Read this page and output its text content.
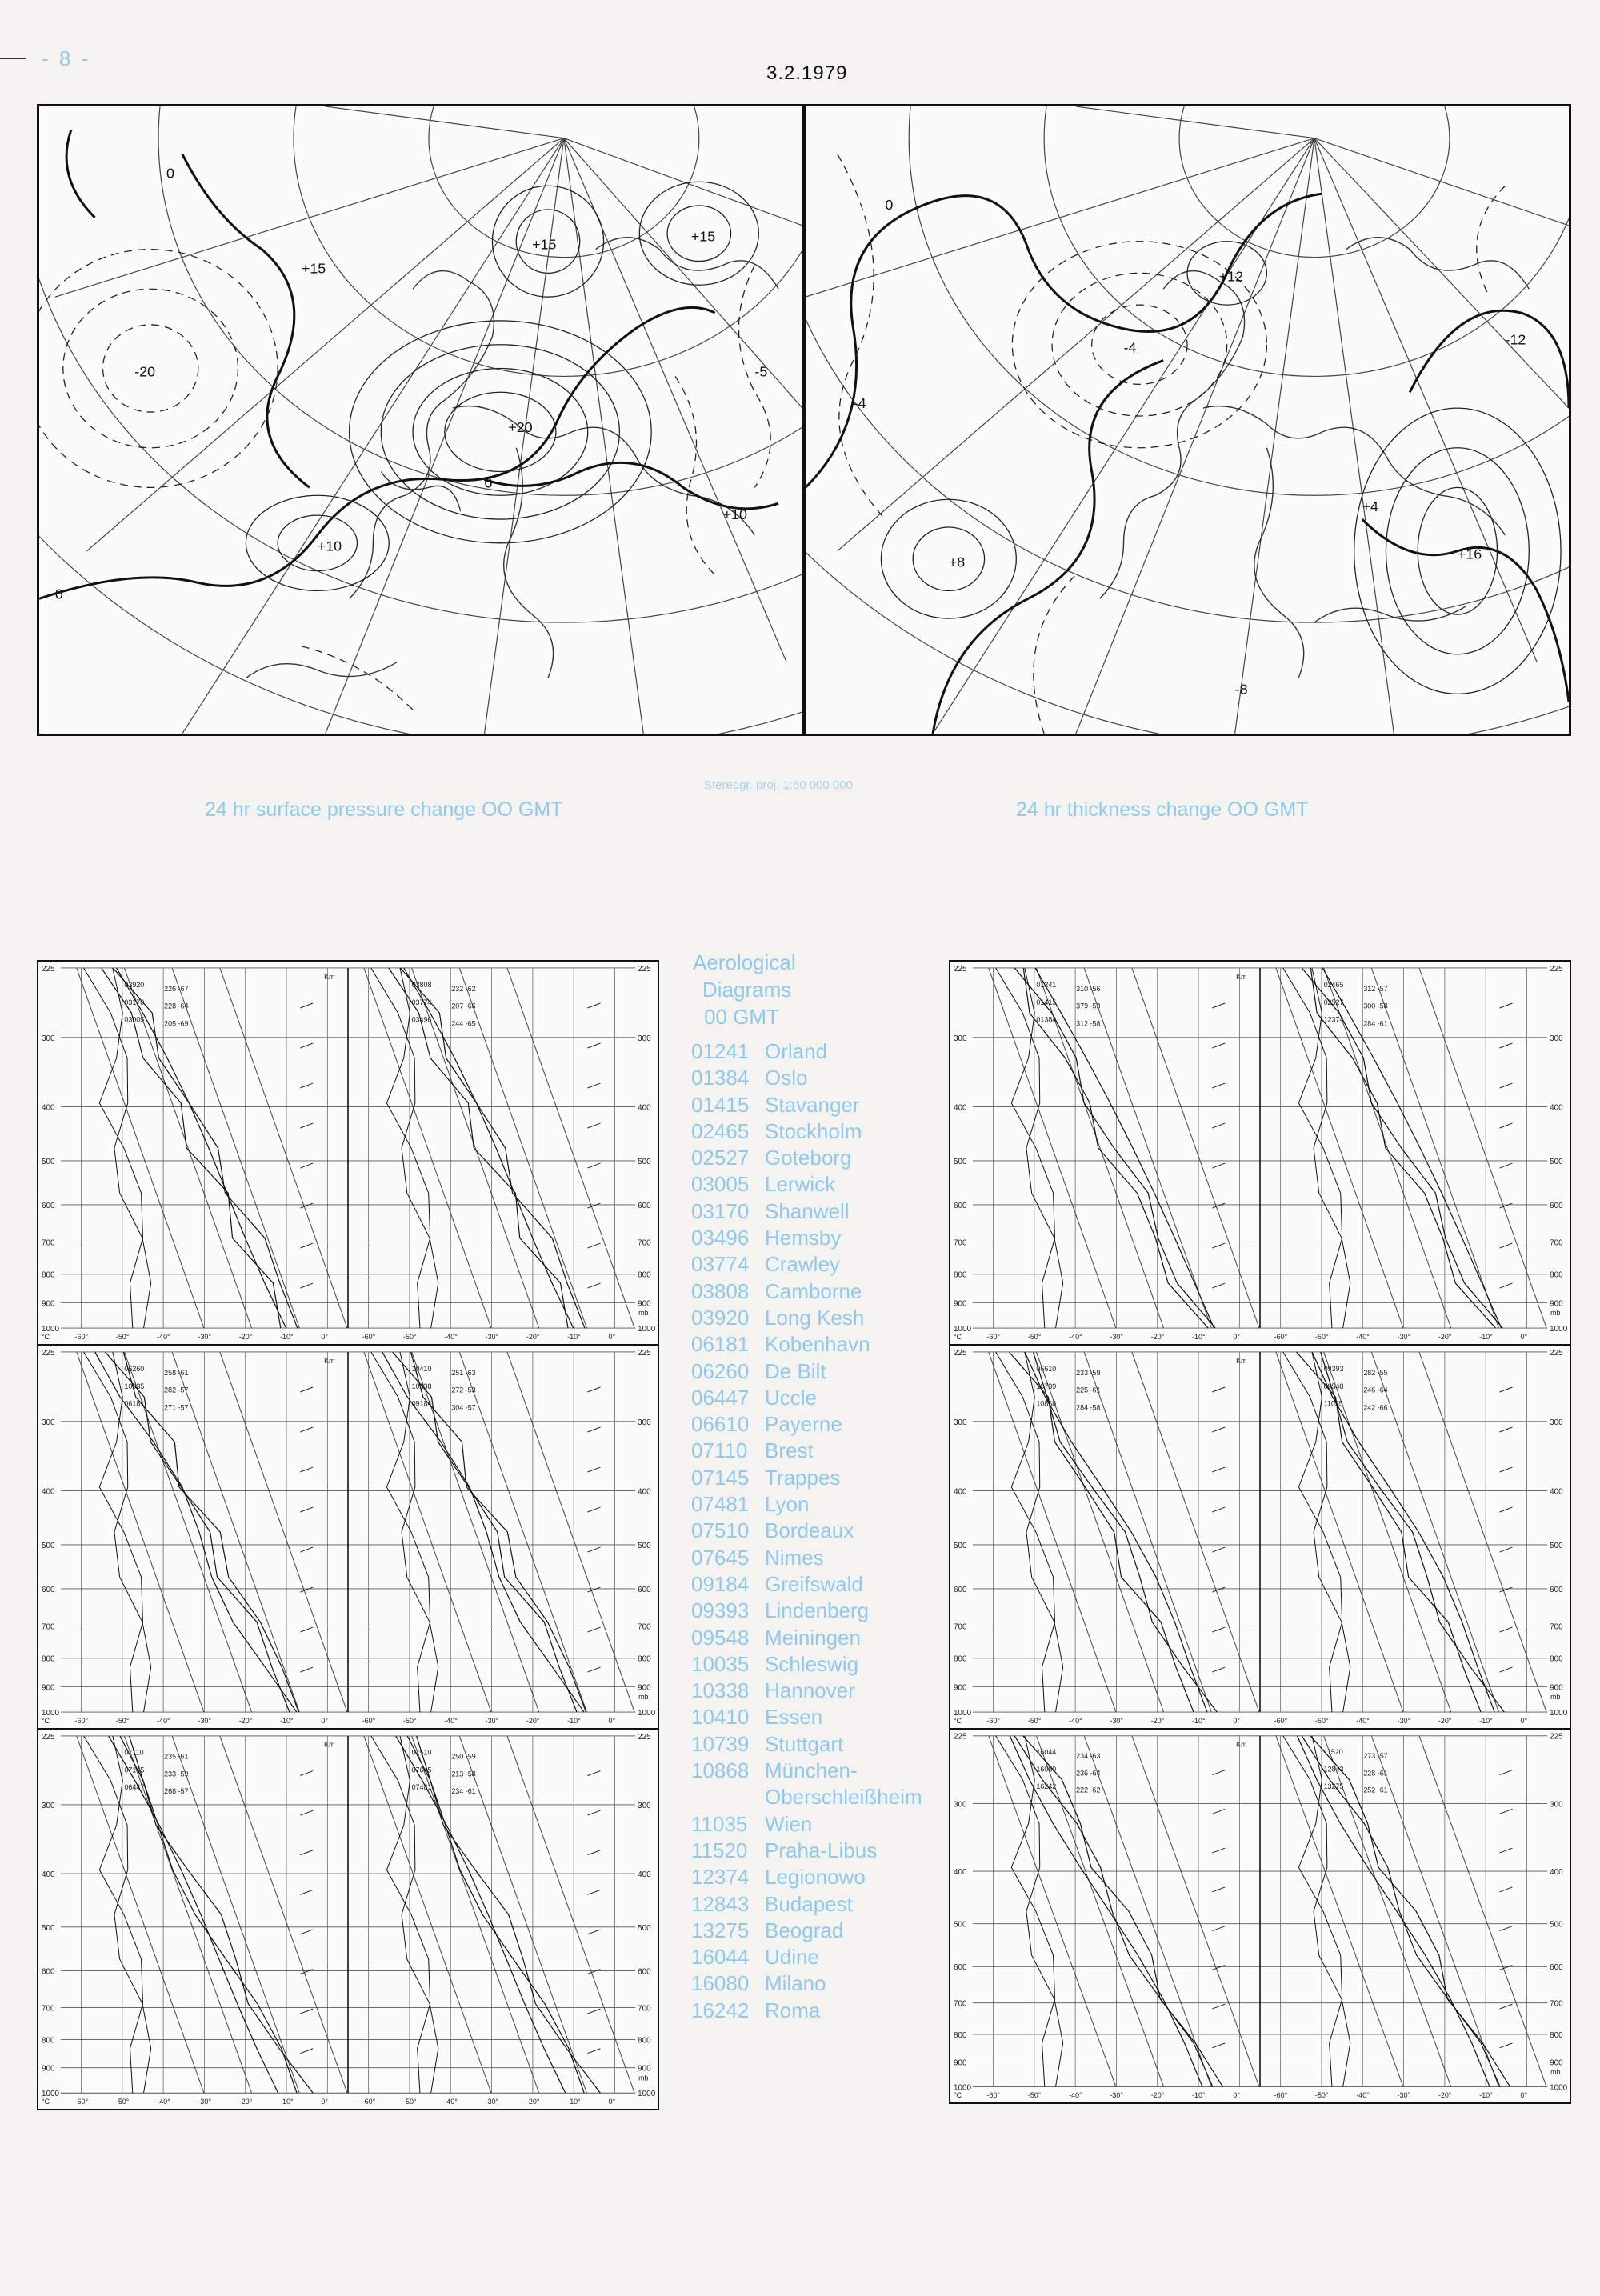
- 8 -
3.2.1979
0
+15
+15
+20
+10
-20
+15
+10
0
0
-5
+8
-4
+16
+12
-4
0
+4
-12
-8
Stereogr. proj. 1:60 000 000
24 hr surface pressure change OO GMT	24 hr thickness change OO GMT
225	225
300	300
400	400
500	500
600	600
700	700
800	800
900	900
1000	1000
-60°	-50°	-40°	-30°	-20°	-10°	0°
03920	226 -67
03170	228 -64
03005	205 -69
-60°	-50°	-40°	-30°	-20°	-10°	0°
03808	232 -62
03774	207 -66
03496	244 -65
Km
mb
°C
225	225
300	300
400	400
500	500
600	600
700	700
800	800
900	900
1000	1000
-60°	-50°	-40°	-30°	-20°	-10°	0°
06260	258 -61
10035	282 -57
06181	271 -57
-60°	-50°	-40°	-30°	-20°	-10°	0°
10410	251 -63
10338	272 -53
09184	304 -57
Km
mb
°C
225	225
300	300
400	400
500	500
600	600
700	700
800	800
900	900
1000	1000
-60°	-50°	-40°	-30°	-20°	-10°	0°
07110	235 -61
07145	233 -59
06447	268 -57
-60°	-50°	-40°	-30°	-20°	-10°	0°
07510	250 -59
07645	213 -58
07481	234 -61
Km
mb
°C
225	225
300	300
400	400
500	500
600	600
700	700
800	800
900	900
1000	1000
-60°	-50°	-40°	-30°	-20°	-10°	0°
01241	310 -56
01415	379 -53
01384	312 -58
-60°	-50°	-40°	-30°	-20°	-10°	0°
02465	312 -57
02527	300 -58
12374	284 -61
Km
mb
°C
225	225
300	300
400	400
500	500
600	600
700	700
800	800
900	900
1000	1000
-60°	-50°	-40°	-30°	-20°	-10°	0°
06610	233 -59
10739	225 -61
10868	284 -58
-60°	-50°	-40°	-30°	-20°	-10°	0°
09393	282 -55
09548	246 -64
11035	242 -66
Km
mb
°C
225	225
300	300
400	400
500	500
600	600
700	700
800	800
900	900
1000	1000
-60°	-50°	-40°	-30°	-20°	-10°	0°
16044	234 -63
16080	236 -64
16242	222 -62
-60°	-50°	-40°	-30°	-20°	-10°	0°
11520	273 -57
12843	228 -61
13275	252 -61
Km
mb
°C
Aerological
Diagrams
00 GMT
01241 Orland
01384 Oslo
01415 Stavanger
02465 Stockholm
02527 Goteborg
03005 Lerwick
03170 Shanwell
03496 Hemsby
03774 Crawley
03808 Camborne
03920 Long Kesh
06181 Kobenhavn
06260 De Bilt
06447 Uccle
06610 Payerne
07110 Brest
07145 Trappes
07481 Lyon
07510 Bordeaux
07645 Nimes
09184 Greifswald
09393 Lindenberg
09548 Meiningen
10035 Schleswig
10338 Hannover
10410 Essen
10739 Stuttgart
10868 München-
Oberschleißheim
11035 Wien
11520 Praha-Libus
12374 Legionowo
12843 Budapest
13275 Beograd
16044 Udine
16080 Milano
16242 Roma
